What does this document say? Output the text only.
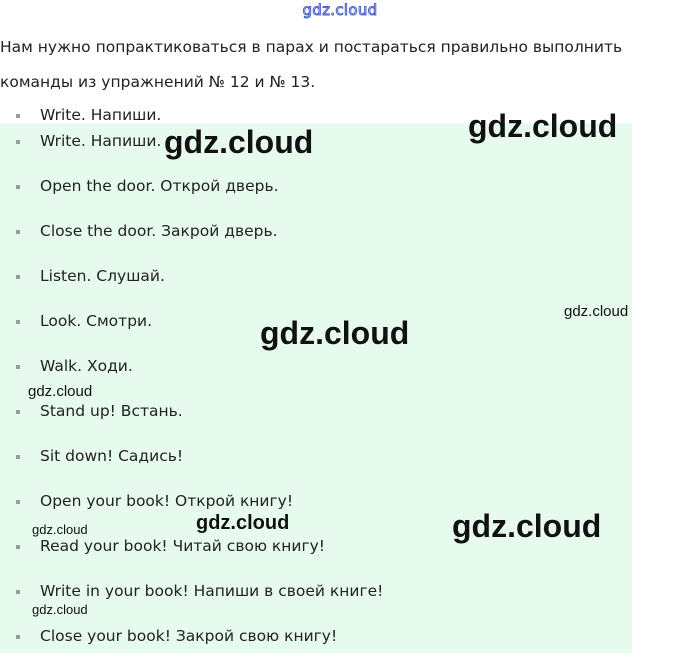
gdz.cloud

Нам нужно попрактиковаться в парах и постараться правильно выполнить команды из упражнений № 12 и № 13.

Write. Напиши.
Write. Напиши.
Open the door. Открой дверь.
Close the door. Закрой дверь.
Listen. Слушай.
Look. Смотри.
Walk. Ходи.
Stand up! Встань.
Sit down! Садись!
Open your book! Открой книгу!
Read your book! Читай свою книгу!
Write in your book! Напиши в своей книге!
Close your book! Закрой свою книгу!
gdz.cloud	gdz.cloud
gdz.cloud
gdz.cloud
gdz.cloud
gdz.cloud
gdz.cloud
gdz.cloud
gdz.cloud
